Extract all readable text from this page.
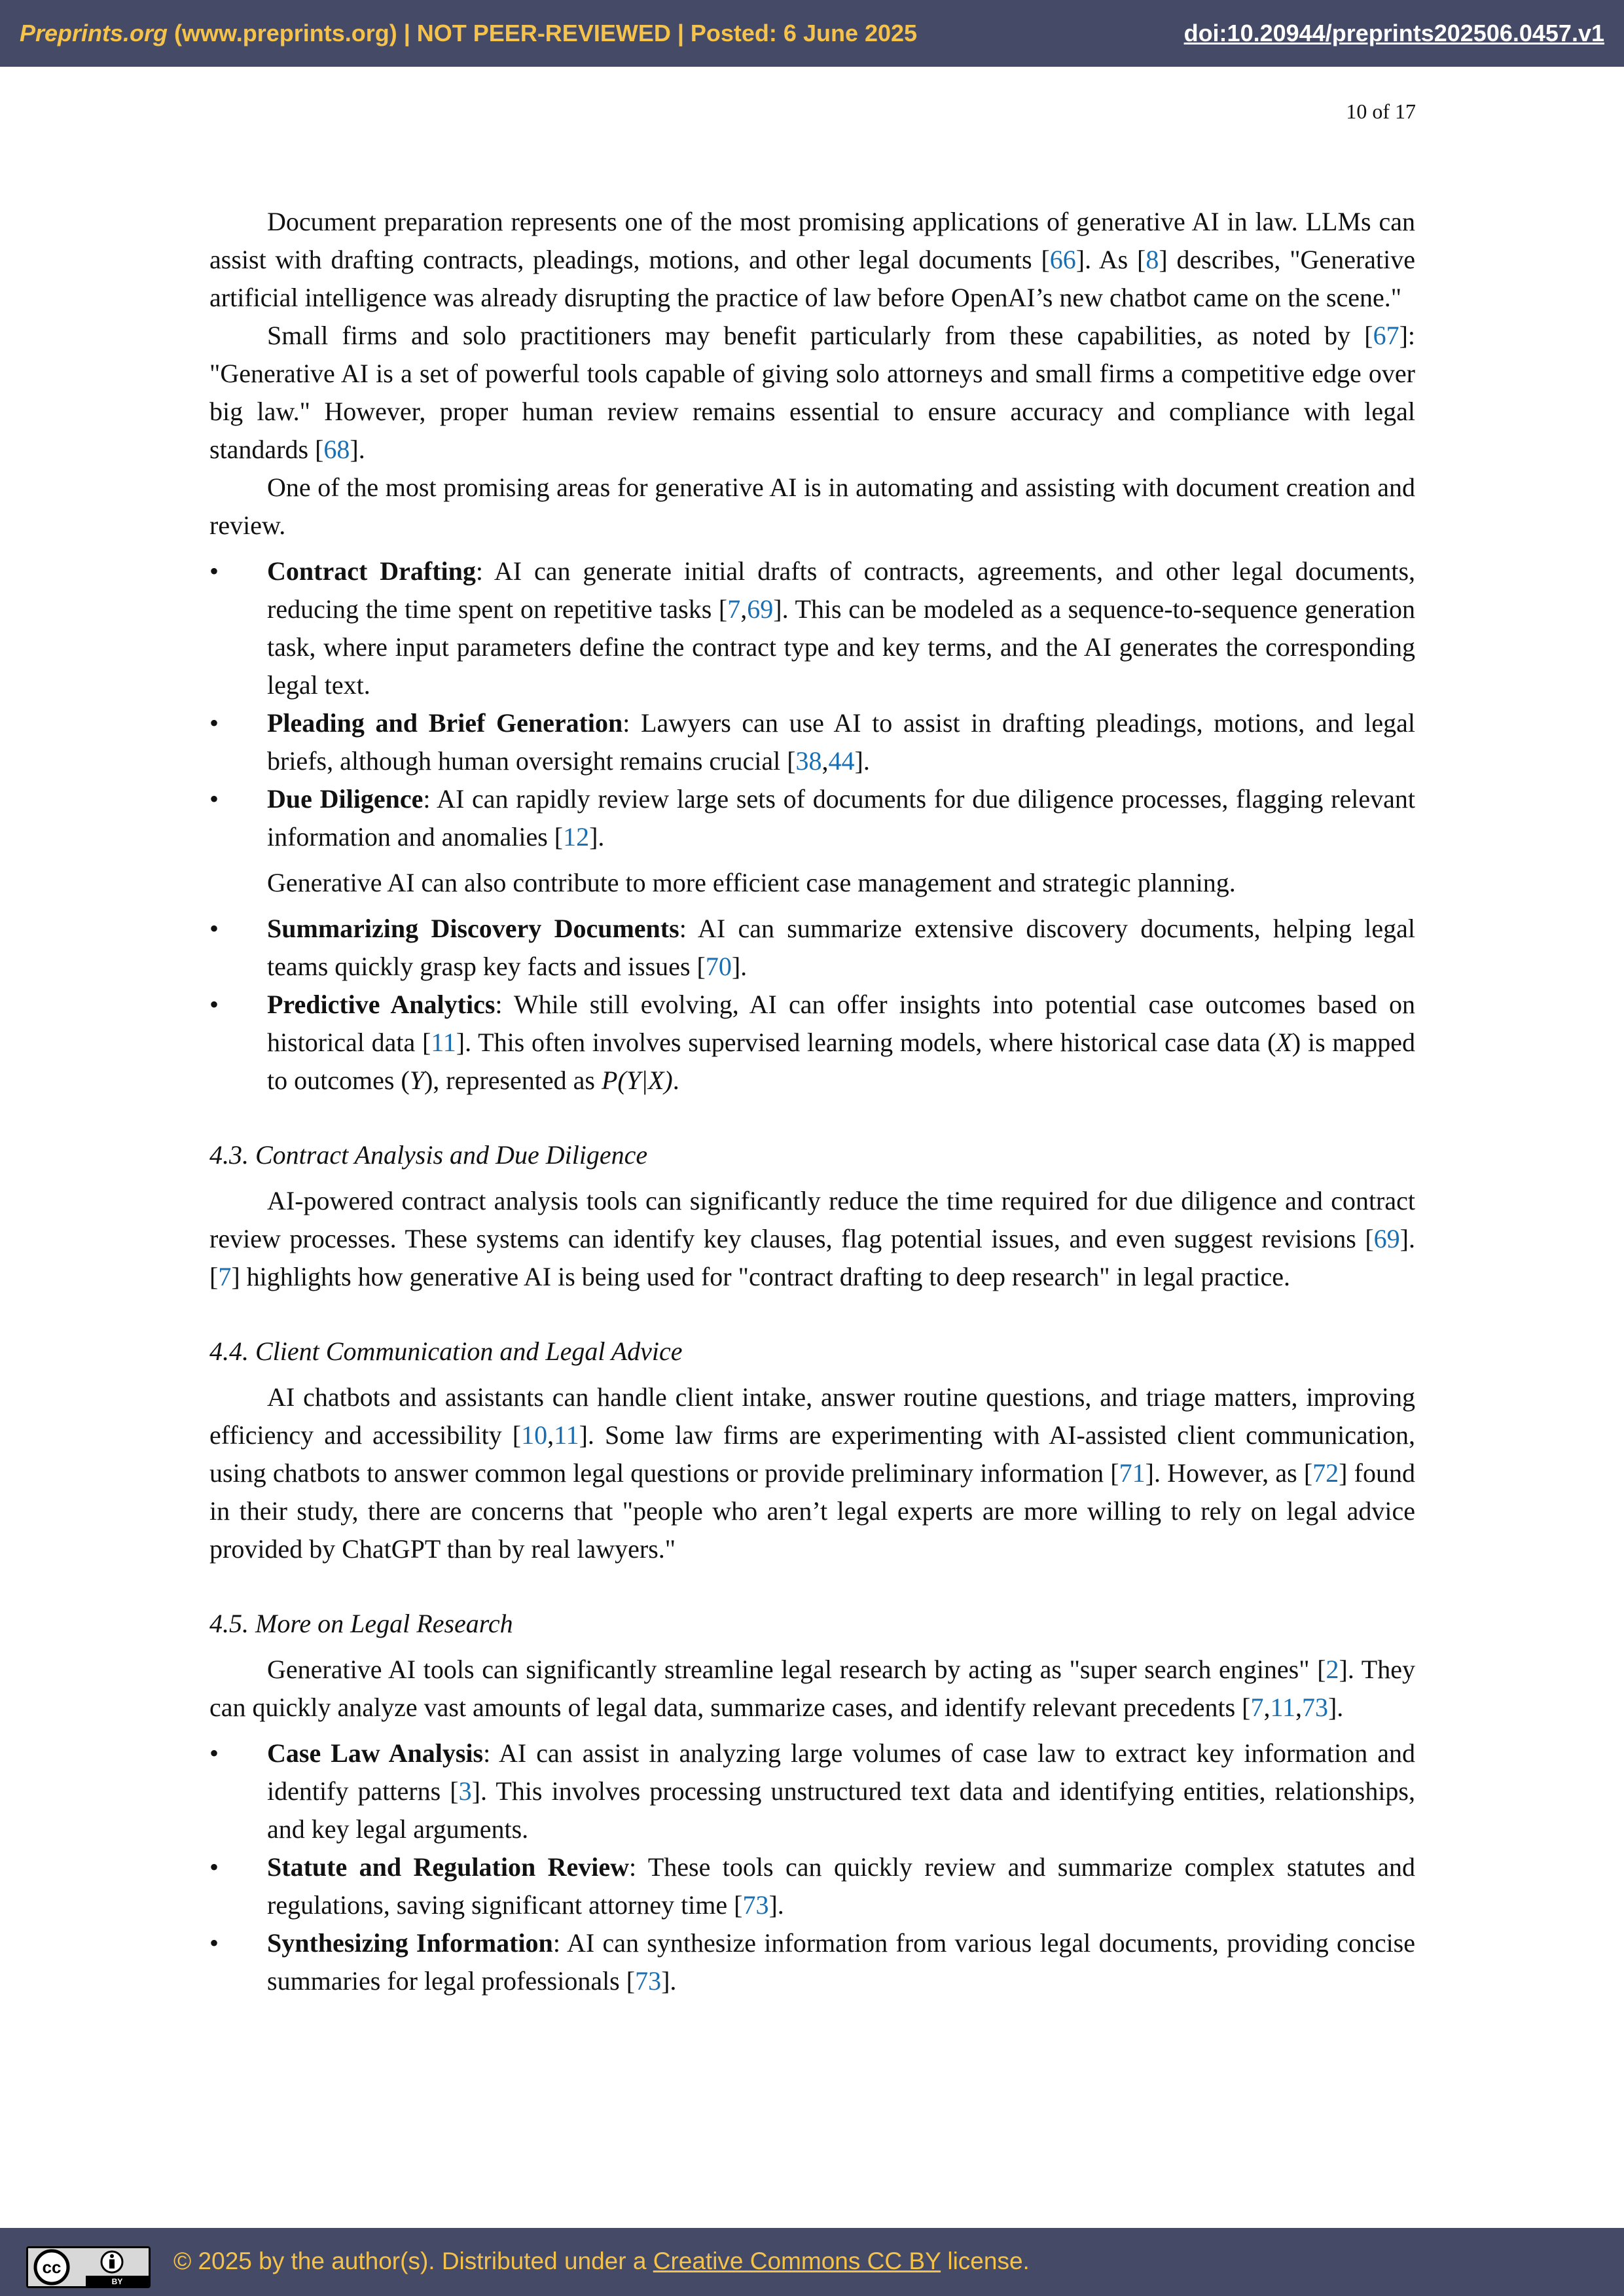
Preprints.org (www.preprints.org) | NOT PEER-REVIEWED | Posted: 6 June 2025	doi:10.20944/preprints202506.0457.v1
10 of 17

Document preparation represents one of the most promising applications of generative AI in law. LLMs can assist with drafting contracts, pleadings, motions, and other legal documents [66]. As [8] describes, "Generative artificial intelligence was already disrupting the practice of law before OpenAI’s new chatbot came on the scene."

Small firms and solo practitioners may benefit particularly from these capabilities, as noted by [67]: "Generative AI is a set of powerful tools capable of giving solo attorneys and small firms a competitive edge over big law." However, proper human review remains essential to ensure accuracy and compliance with legal standards [68].

One of the most promising areas for generative AI is in automating and assisting with document creation and review.

• Contract Drafting: AI can generate initial drafts of contracts, agreements, and other legal documents, reducing the time spent on repetitive tasks [7,69]. This can be modeled as a sequence-to-sequence generation task, where input parameters define the contract type and key terms, and the AI generates the corresponding legal text.
• Pleading and Brief Generation: Lawyers can use AI to assist in drafting pleadings, motions, and legal briefs, although human oversight remains crucial [38,44].
• Due Diligence: AI can rapidly review large sets of documents for due diligence processes, flagging relevant information and anomalies [12].

Generative AI can also contribute to more efficient case management and strategic planning.

• Summarizing Discovery Documents: AI can summarize extensive discovery documents, helping legal teams quickly grasp key facts and issues [70].
• Predictive Analytics: While still evolving, AI can offer insights into potential case outcomes based on historical data [11]. This often involves supervised learning models, where historical case data (X) is mapped to outcomes (Y), represented as P(Y|X).
4.3. Contract Analysis and Due Diligence

AI-powered contract analysis tools can significantly reduce the time required for due diligence and contract review processes. These systems can identify key clauses, flag potential issues, and even suggest revisions [69]. [7] highlights how generative AI is being used for "contract drafting to deep research" in legal practice.

4.4. Client Communication and Legal Advice

AI chatbots and assistants can handle client intake, answer routine questions, and triage matters, improving efficiency and accessibility [10,11]. Some law firms are experimenting with AI-assisted client communication, using chatbots to answer common legal questions or provide preliminary information [71]. However, as [72] found in their study, there are concerns that "people who aren’t legal experts are more willing to rely on legal advice provided by ChatGPT than by real lawyers."

4.5. More on Legal Research

Generative AI tools can significantly streamline legal research by acting as "super search engines" [2]. They can quickly analyze vast amounts of legal data, summarize cases, and identify relevant precedents [7,11,73].

• Case Law Analysis: AI can assist in analyzing large volumes of case law to extract key information and identify patterns [3]. This involves processing unstructured text data and identifying entities, relationships, and key legal arguments.
• Statute and Regulation Review: These tools can quickly review and summarize complex statutes and regulations, saving significant attorney time [73].
• Synthesizing Information: AI can synthesize information from various legal documents, providing concise summaries for legal professionals [73].
cc
BY
© 2025 by the author(s). Distributed under a Creative Commons CC BY license.
